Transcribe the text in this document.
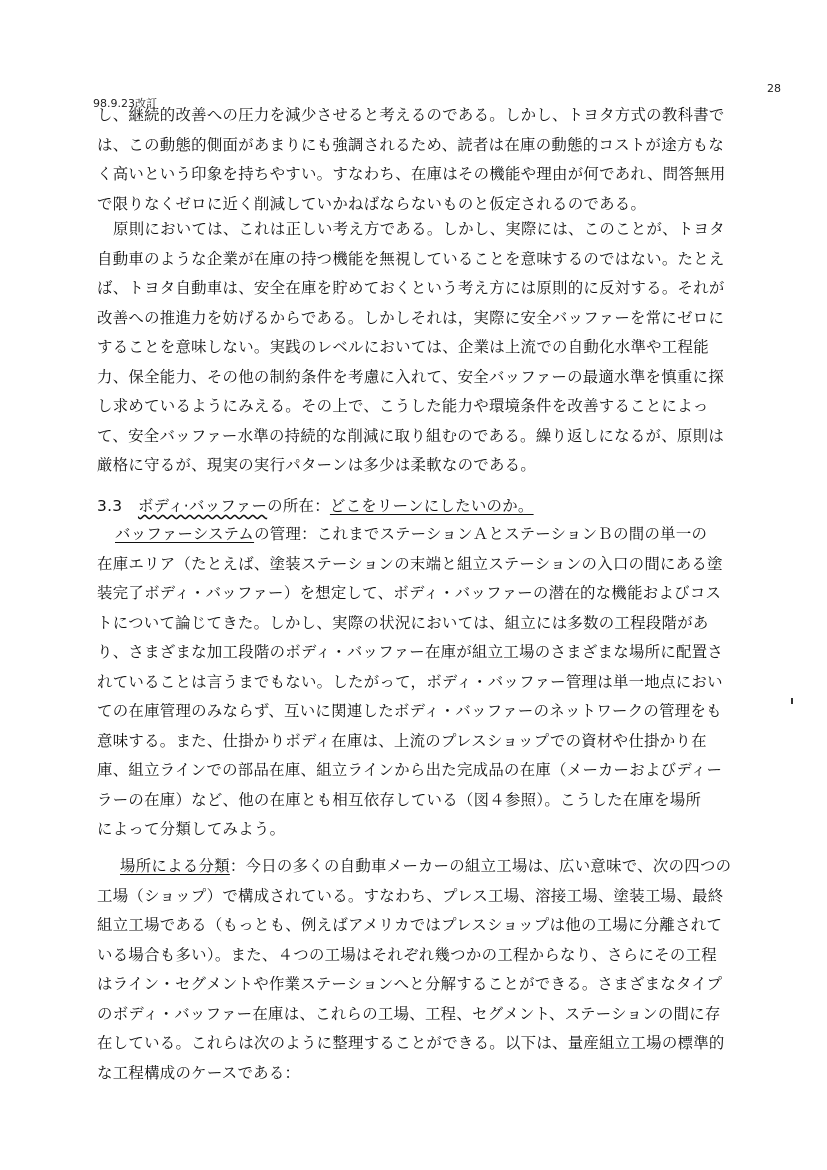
98.9.23改訂
28
し、継続的改善への圧力を減少させると考えるのである。しかし、トヨタ方式の教科書で
は、この動態的側面があまりにも強調されるため、読者は在庫の動態的コストが途方もな
く高いという印象を持ちやすい。すなわち、在庫はその機能や理由が何であれ、問答無用
で限りなくゼロに近く削減していかねばならないものと仮定されるのである。
原則においては、これは正しい考え方である。しかし、実際には、このことが、トヨタ
自動車のような企業が在庫の持つ機能を無視していることを意味するのではない。たとえ
ば、トヨタ自動車は、安全在庫を貯めておくという考え方には原則的に反対する。それが
改善への推進力を妨げるからである。しかしそれは，実際に安全バッファーを常にゼロに
することを意味しない。実践のレベルにおいては、企業は上流での自動化水準や工程能
力、保全能力、その他の制約条件を考慮に入れて、安全バッファーの最適水準を慎重に探
し求めているようにみえる。その上で、こうした能力や環境条件を改善することによっ
て、安全バッファー水準の持続的な削減に取り組むのである。繰り返しになるが、原則は
厳格に守るが、現実の実行パターンは多少は柔軟なのである。
3.3 ボディ·バッファーの所在：どこをリーンにしたいのか。
バッファーシステムの管理：これまでステーションＡとステーションＢの間の単一の
在庫エリア（たとえば、塗装ステーションの末端と組立ステーションの入口の間にある塗
装完了ボディ・バッファー）を想定して、ボディ・バッファーの潜在的な機能およびコス
トについて論じてきた。しかし、実際の状況においては、組立には多数の工程段階があ
り、さまざまな加工段階のボディ・バッファー在庫が組立工場のさまざまな場所に配置さ
れていることは言うまでもない。したがって，ボディ・バッファー管理は単一地点におい
ての在庫管理のみならず、互いに関連したボディ・バッファーのネットワークの管理をも
意味する。また、仕掛かりボディ在庫は、上流のプレスショップでの資材や仕掛かり在
庫、組立ラインでの部品在庫、組立ラインから出た完成品の在庫（メーカーおよびディー
ラーの在庫）など、他の在庫とも相互依存している（図４参照）。こうした在庫を場所
によって分類してみよう。
場所による分類：今日の多くの自動車メーカーの組立工場は、広い意味で、次の四つの
工場（ショップ）で構成されている。すなわち、プレス工場、溶接工場、塗装工場、最終
組立工場である（もっとも、例えばアメリカではプレスショップは他の工場に分離されて
いる場合も多い）。また、４つの工場はそれぞれ幾つかの工程からなり、さらにその工程
はライン・セグメントや作業ステーションへと分解することができる。さまざまなタイプ
のボディ・バッファー在庫は、これらの工場、工程、セグメント、ステーションの間に存
在している。これらは次のように整理することができる。以下は、量産組立工場の標準的
な工程構成のケースである：
